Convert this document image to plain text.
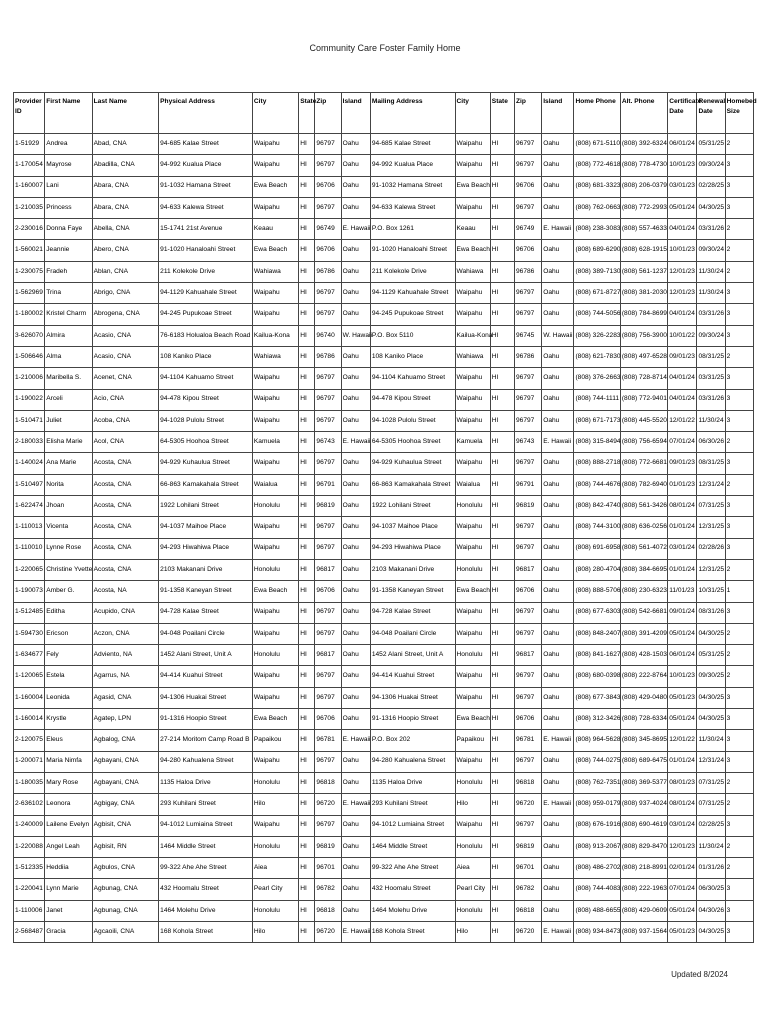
Community Care Foster Family Home
Provider ID	First Name	Last Name	Physical Address	City	State	Zip	Island	Mailing Address	City	State	Zip	Island	Home Phone	Alt. Phone	Certificate Date	Renewal Date	Homebed Size
1-51929	Andrea	Abad, CNA	94-685 Kalae Street	Waipahu	HI	96797	Oahu	94-685 Kalae Street	Waipahu	HI	96797	Oahu	(808) 671-5110	(808) 392-6324	06/01/24	05/31/25	2
1-170054	Mayrose	Abadilla, CNA	94-992 Kualua Place	Waipahu	HI	96797	Oahu	94-992 Kualua Place	Waipahu	HI	96797	Oahu	(808) 772-4618	(808) 778-4730	10/01/23	09/30/24	3
1-160007	Lani	Abara, CNA	91-1032 Hamana Street	Ewa Beach	HI	96706	Oahu	91-1032 Hamana Street	Ewa Beach	HI	96706	Oahu	(808) 681-3323	(808) 206-0379	03/01/23	02/28/25	3
1-210035	Princess	Abara, CNA	94-633 Kalewa Street	Waipahu	HI	96797	Oahu	94-633 Kalewa Street	Waipahu	HI	96797	Oahu	(808) 762-0663	(808) 772-2993	05/01/24	04/30/25	3
2-230016	Donna Faye	Abella, CNA	15-1741 21st Avenue	Keaau	HI	96749	E. Hawaii	P.O. Box 1261	Keaau	HI	96749	E. Hawaii	(808) 238-3083	(808) 557-4633	04/01/24	03/31/26	2
1-560021	Jeannie	Abero, CNA	91-1020 Hanaloahi Street	Ewa Beach	HI	96706	Oahu	91-1020 Hanaloahi Street	Ewa Beach	HI	96706	Oahu	(808) 689-6290	(808) 628-1915	10/01/23	09/30/24	2
1-230075	Fradeh	Ablan, CNA	211 Kolekole Drive	Wahiawa	HI	96786	Oahu	211 Kolekole Drive	Wahiawa	HI	96786	Oahu	(808) 389-7130	(808) 561-1237	12/01/23	11/30/24	2
1-562969	Trina	Abrigo, CNA	94-1129 Kahuahale Street	Waipahu	HI	96797	Oahu	94-1129 Kahuahale Street	Waipahu	HI	96797	Oahu	(808) 671-8727	(808) 381-2030	12/01/23	11/30/24	3
1-180002	Kristel Charm	Abrogena, CNA	94-245 Pupukoae Street	Waipahu	HI	96797	Oahu	94-245 Pupukoae Street	Waipahu	HI	96797	Oahu	(808) 744-5056	(808) 784-8699	04/01/24	03/31/26	3
3-626070	Almira	Acasio, CNA	76-6183 Holualoa Beach Road	Kailua-Kona	HI	96740	W. Hawaii	P.O. Box 5110	Kailua-Kona	HI	96745	W. Hawaii	(808) 326-2283	(808) 756-3900	10/01/22	09/30/24	3
1-506646	Alma	Acasio, CNA	108 Kaniko Place	Wahiawa	HI	96786	Oahu	108 Kaniko Place	Wahiawa	HI	96786	Oahu	(808) 621-7830	(808) 497-6528	09/01/23	08/31/25	2
1-210006	Maribella S.	Acenet, CNA	94-1104 Kahuamo Street	Waipahu	HI	96797	Oahu	94-1104 Kahuamo Street	Waipahu	HI	96797	Oahu	(808) 376-2663	(808) 728-8714	04/01/24	03/31/25	3
1-190022	Arceli	Acio, CNA	94-478 Kipou Street	Waipahu	HI	96797	Oahu	94-478 Kipou Street	Waipahu	HI	96797	Oahu	(808) 744-1111	(808) 772-9401	04/01/24	03/31/26	3
1-510471	Juliet	Acoba, CNA	94-1028 Pulolu Street	Waipahu	HI	96797	Oahu	94-1028 Pulolu Street	Waipahu	HI	96797	Oahu	(808) 671-7173	(808) 445-5520	12/01/22	11/30/24	3
2-180033	Elisha Marie	Acol, CNA	64-5305 Hoohoa Street	Kamuela	HI	96743	E. Hawaii	64-5305 Hoohoa Street	Kamuela	HI	96743	E. Hawaii	(808) 315-8494	(808) 756-6594	07/01/24	06/30/26	2
1-140024	Ana Marie	Acosta, CNA	94-929 Kuhaulua Street	Waipahu	HI	96797	Oahu	94-929 Kuhaulua Street	Waipahu	HI	96797	Oahu	(808) 888-2718	(808) 772-6681	09/01/23	08/31/25	3
1-510497	Norita	Acosta, CNA	66-863 Kamakahala Street	Waialua	HI	96791	Oahu	66-863 Kamakahala Street	Waialua	HI	96791	Oahu	(808) 744-4676	(808) 782-6940	01/01/23	12/31/24	2
1-622474	Jhoan	Acosta, CNA	1922 Lohilani Street	Honolulu	HI	96819	Oahu	1922 Lohilani Street	Honolulu	HI	96819	Oahu	(808) 842-4740	(808) 561-3426	08/01/24	07/31/25	3
1-110013	Vicenta	Acosta, CNA	94-1037 Maihoe Place	Waipahu	HI	96797	Oahu	94-1037 Maihoe Place	Waipahu	HI	96797	Oahu	(808) 744-3100	(808) 636-0256	01/01/24	12/31/25	3
1-110010	Lynne Rose	Acosta, CNA	94-293 Hiwahiwa Place	Waipahu	HI	96797	Oahu	94-293 Hiwahiwa Place	Waipahu	HI	96797	Oahu	(808) 691-6958	(808) 561-4072	03/01/24	02/28/26	3
1-220065	Christine Yvette	Acosta, CNA	2103 Makanani Drive	Honolulu	HI	96817	Oahu	2103 Makanani Drive	Honolulu	HI	96817	Oahu	(808) 280-4704	(808) 384-6695	01/01/24	12/31/25	2
1-190073	Amber G.	Acosta, NA	91-1358 Kaneyan Street	Ewa Beach	HI	96706	Oahu	91-1358 Kaneyan Street	Ewa Beach	HI	96706	Oahu	(808) 888-5706	(808) 230-6323	11/01/23	10/31/25	1
1-512485	Editha	Acupido, CNA	94-728 Kalae Street	Waipahu	HI	96797	Oahu	94-728 Kalae Street	Waipahu	HI	96797	Oahu	(808) 677-6303	(808) 542-6681	09/01/24	08/31/26	3
1-594730	Ericson	Aczon, CNA	94-048 Poailani Circle	Waipahu	HI	96797	Oahu	94-048 Poailani Circle	Waipahu	HI	96797	Oahu	(808) 848-2407	(808) 391-4209	05/01/24	04/30/25	2
1-634677	Fely	Adviento, NA	1452 Alani Street, Unit A	Honolulu	HI	96817	Oahu	1452 Alani Street, Unit A	Honolulu	HI	96817	Oahu	(808) 841-1627	(808) 428-1503	06/01/24	05/31/25	2
1-120065	Estela	Agarrus, NA	94-414 Kuahui Street	Waipahu	HI	96797	Oahu	94-414 Kuahui Street	Waipahu	HI	96797	Oahu	(808) 680-0398	(808) 222-8764	10/01/23	09/30/25	2
1-160004	Leonida	Agasid, CNA	94-1306 Huakai Street	Waipahu	HI	96797	Oahu	94-1306 Huakai Street	Waipahu	HI	96797	Oahu	(808) 677-3843	(808) 429-0480	05/01/23	04/30/25	3
1-160014	Krystle	Agatep, LPN	91-1316 Hoopio Street	Ewa Beach	HI	96706	Oahu	91-1316 Hoopio Street	Ewa Beach	HI	96706	Oahu	(808) 312-3426	(808) 728-6334	05/01/24	04/30/25	3
2-120075	Eleus	Agbalog, CNA	27-214 Moritom Camp Road B	Papaikou	HI	96781	E. Hawaii	P.O. Box 202	Papaikou	HI	96781	E. Hawaii	(808) 964-5628	(808) 345-8695	12/01/22	11/30/24	3
1-200071	Maria Nimfa	Agbayani, CNA	94-280 Kahualena Street	Waipahu	HI	96797	Oahu	94-280 Kahualena Street	Waipahu	HI	96797	Oahu	(808) 744-0275	(808) 689-6475	01/01/24	12/31/24	3
1-180035	Mary Rose	Agbayani, CNA	1135 Haloa Drive	Honolulu	HI	96818	Oahu	1135 Haloa Drive	Honolulu	HI	96818	Oahu	(808) 762-7351	(808) 369-5377	08/01/23	07/31/25	2
2-636102	Leonora	Agbigay, CNA	293 Kuhilani Street	Hilo	HI	96720	E. Hawaii	293 Kuhilani Street	Hilo	HI	96720	E. Hawaii	(808) 959-0179	(808) 937-4024	08/01/24	07/31/25	2
1-240009	Lailene Evelyn	Agbisit, CNA	94-1012 Lumiaina Street	Waipahu	HI	96797	Oahu	94-1012 Lumiaina Street	Waipahu	HI	96797	Oahu	(808) 676-1916	(808) 690-4619	03/01/24	02/28/25	3
1-220088	Angel Leah	Agbisit, RN	1464 Middle Street	Honolulu	HI	96819	Oahu	1464 Middle Street	Honolulu	HI	96819	Oahu	(808) 913-2067	(808) 829-8470	12/01/23	11/30/24	2
1-512335	Heddiia	Agbulos, CNA	99-322 Ahe Ahe Street	Aiea	HI	96701	Oahu	99-322 Ahe Ahe Street	Aiea	HI	96701	Oahu	(808) 486-2702	(808) 218-8991	02/01/24	01/31/26	2
1-220041	Lynn Marie	Agbunag, CNA	432 Hoomalu Street	Pearl City	HI	96782	Oahu	432 Hoomalu Street	Pearl City	HI	96782	Oahu	(808) 744-4083	(808) 222-1963	07/01/24	06/30/25	3
1-110006	Janet	Agbunag, CNA	1464 Molehu Drive	Honolulu	HI	96818	Oahu	1464 Molehu Drive	Honolulu	HI	96818	Oahu	(808) 488-6655	(808) 429-0609	05/01/24	04/30/26	3
2-568487	Gracia	Agcaoili, CNA	168 Kohola Street	Hilo	HI	96720	E. Hawaii	168 Kohola Street	Hilo	HI	96720	E. Hawaii	(808) 934-8473	(808) 937-1564	05/01/23	04/30/25	3
Updated 8/2024
